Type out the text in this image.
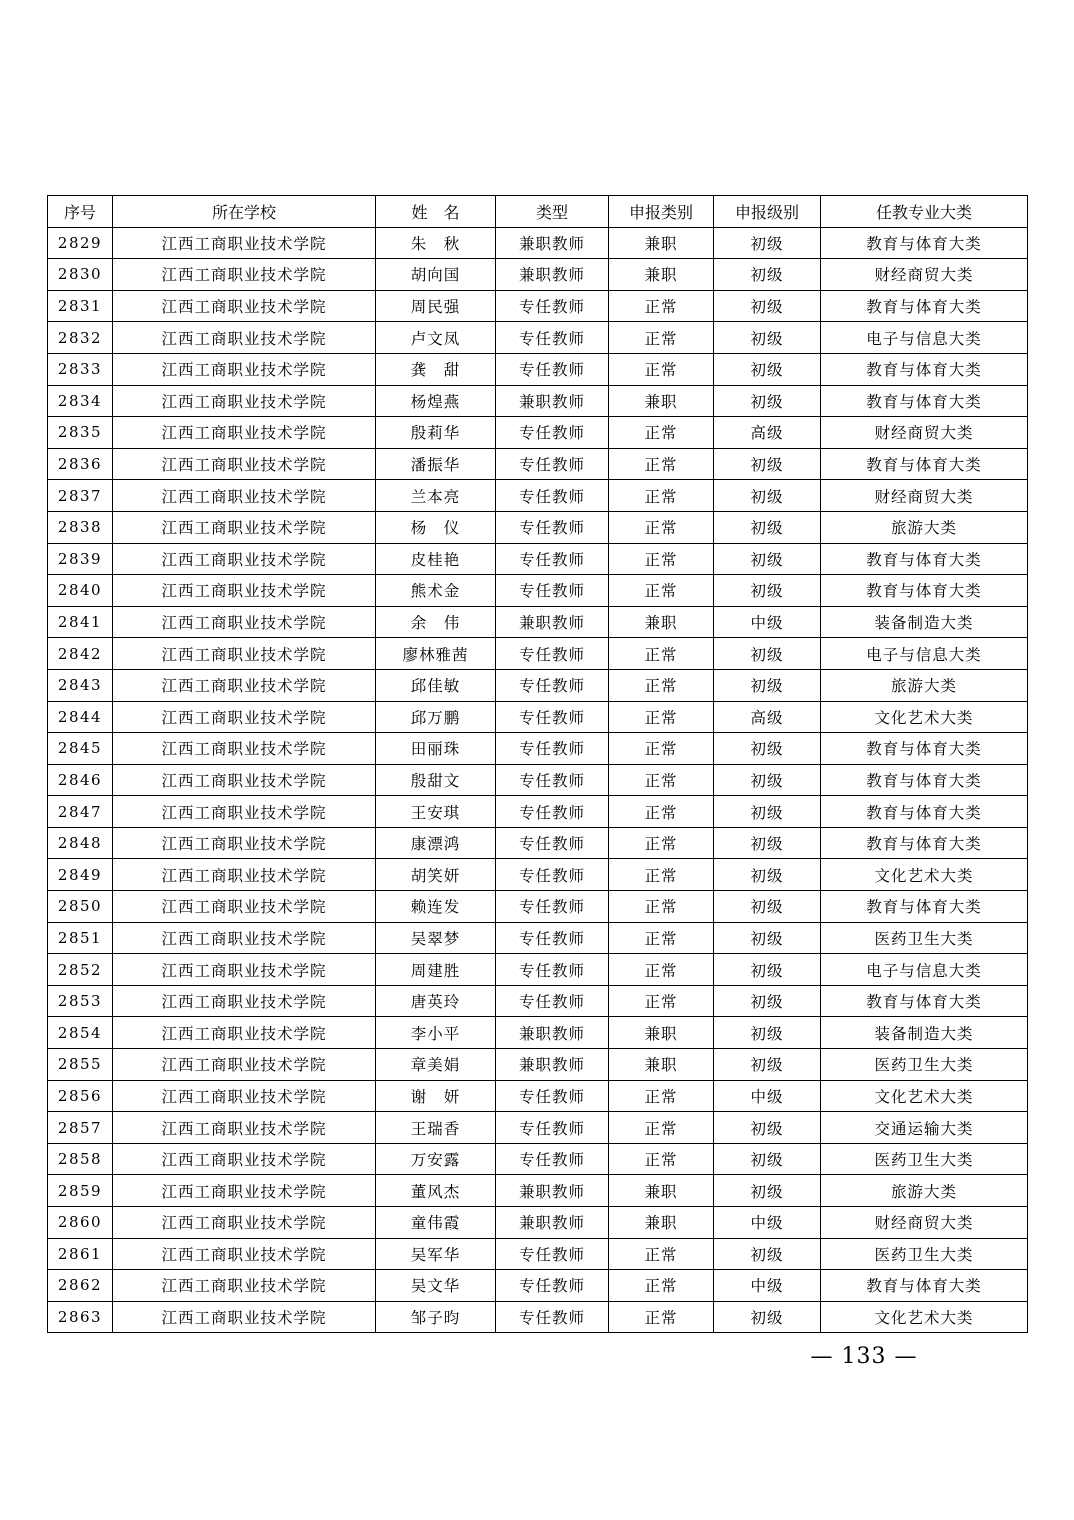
序号	所在学校	姓　名	类型	申报类别	申报级别	任教专业大类
2829	江西工商职业技术学院	朱　秋	兼职教师	兼职	初级	教育与体育大类
2830	江西工商职业技术学院	胡向国	兼职教师	兼职	初级	财经商贸大类
2831	江西工商职业技术学院	周民强	专任教师	正常	初级	教育与体育大类
2832	江西工商职业技术学院	卢文凤	专任教师	正常	初级	电子与信息大类
2833	江西工商职业技术学院	龚　甜	专任教师	正常	初级	教育与体育大类
2834	江西工商职业技术学院	杨煌燕	兼职教师	兼职	初级	教育与体育大类
2835	江西工商职业技术学院	殷莉华	专任教师	正常	高级	财经商贸大类
2836	江西工商职业技术学院	潘振华	专任教师	正常	初级	教育与体育大类
2837	江西工商职业技术学院	兰本亮	专任教师	正常	初级	财经商贸大类
2838	江西工商职业技术学院	杨　仪	专任教师	正常	初级	旅游大类
2839	江西工商职业技术学院	皮桂艳	专任教师	正常	初级	教育与体育大类
2840	江西工商职业技术学院	熊术金	专任教师	正常	初级	教育与体育大类
2841	江西工商职业技术学院	余　伟	兼职教师	兼职	中级	装备制造大类
2842	江西工商职业技术学院	廖林雅茜	专任教师	正常	初级	电子与信息大类
2843	江西工商职业技术学院	邱佳敏	专任教师	正常	初级	旅游大类
2844	江西工商职业技术学院	邱万鹏	专任教师	正常	高级	文化艺术大类
2845	江西工商职业技术学院	田丽珠	专任教师	正常	初级	教育与体育大类
2846	江西工商职业技术学院	殷甜文	专任教师	正常	初级	教育与体育大类
2847	江西工商职业技术学院	王安琪	专任教师	正常	初级	教育与体育大类
2848	江西工商职业技术学院	康漂鸿	专任教师	正常	初级	教育与体育大类
2849	江西工商职业技术学院	胡笑妍	专任教师	正常	初级	文化艺术大类
2850	江西工商职业技术学院	赖连发	专任教师	正常	初级	教育与体育大类
2851	江西工商职业技术学院	吴翠梦	专任教师	正常	初级	医药卫生大类
2852	江西工商职业技术学院	周建胜	专任教师	正常	初级	电子与信息大类
2853	江西工商职业技术学院	唐英玲	专任教师	正常	初级	教育与体育大类
2854	江西工商职业技术学院	李小平	兼职教师	兼职	初级	装备制造大类
2855	江西工商职业技术学院	章美娟	兼职教师	兼职	初级	医药卫生大类
2856	江西工商职业技术学院	谢　妍	专任教师	正常	中级	文化艺术大类
2857	江西工商职业技术学院	王瑞香	专任教师	正常	初级	交通运输大类
2858	江西工商职业技术学院	万安露	专任教师	正常	初级	医药卫生大类
2859	江西工商职业技术学院	董风杰	兼职教师	兼职	初级	旅游大类
2860	江西工商职业技术学院	童伟霞	兼职教师	兼职	中级	财经商贸大类
2861	江西工商职业技术学院	吴军华	专任教师	正常	初级	医药卫生大类
2862	江西工商职业技术学院	吴文华	专任教师	正常	中级	教育与体育大类
2863	江西工商职业技术学院	邹子昀	专任教师	正常	初级	文化艺术大类
— 133 —
